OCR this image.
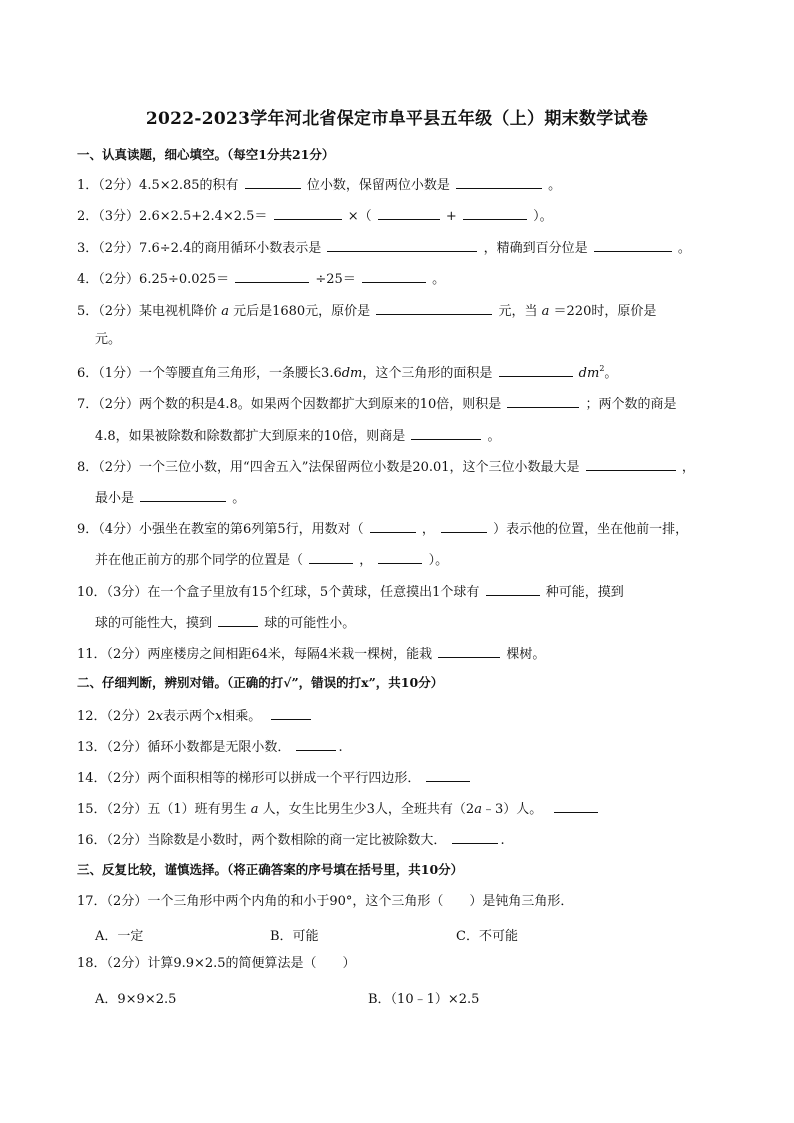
2022-2023学年河北省保定市阜平县五年级（上）期末数学试卷
一、认真读题，细心填空。（每空1分共21分）
1．（2分）4.5×2.85的积有	位小数，保留两位小数是	。
2．（3分）2.6×2.5+2.4×2.5＝	×（	+	）。
3．（2分）7.6÷2.4的商用循环小数表示是	，精确到百分位是	。
4．（2分）6.25÷0.025＝	÷25＝	。
5．（2分）某电视机降价 a 元后是1680元，原价是	元，当 a ＝220时，原价是
元。
6．（1分）一个等腰直角三角形，一条腰长3.6dm，这个三角形的面积是	$dm^2$。
7．（2分）两个数的积是4.8。如果两个因数都扩大到原来的10倍，则积是	；两个数的商是
4.8，如果被除数和除数都扩大到原来的10倍，则商是	。
8．（2分）一个三位小数，用“四舍五入”法保留两位小数是20.01，这个三位小数最大是	，
最小是	。
9．（4分）小强坐在教室的第6列第5行，用数对（	，	）表示他的位置，坐在他前一排，
并在他正前方的那个同学的位置是（	，	）。
10．（3分）在一个盒子里放有15个红球，5个黄球，任意摸出1个球有	种可能，摸到
球的可能性大，摸到	球的可能性小。
11．（2分）两座楼房之间相距64米，每隔4米栽一棵树，能栽	棵树。
二、仔细判断，辨别对错。（正确的打√”，错误的打x”，共10分）
12．（2分）2x表示两个x相乘。
13．（2分）循环小数都是无限小数．	.
14．（2分）两个面积相等的梯形可以拼成一个平行四边形．
15．（2分）五（1）班有男生 a 人，女生比男生少3人，全班共有（2a﹣3）人。
16．（2分）当除数是小数时，两个数相除的商一定比被除数大．	.
三、反复比较，谨慎选择。（将正确答案的序号填在括号里，共10分）
17．（2分）一个三角形中两个内角的和小于90°，这个三角形（　　）是钝角三角形．
A．一定	B．可能	C．不可能
18．（2分）计算9.9×2.5的简便算法是（　　）
A．9×9×2.5	B．（10﹣1）×2.5
